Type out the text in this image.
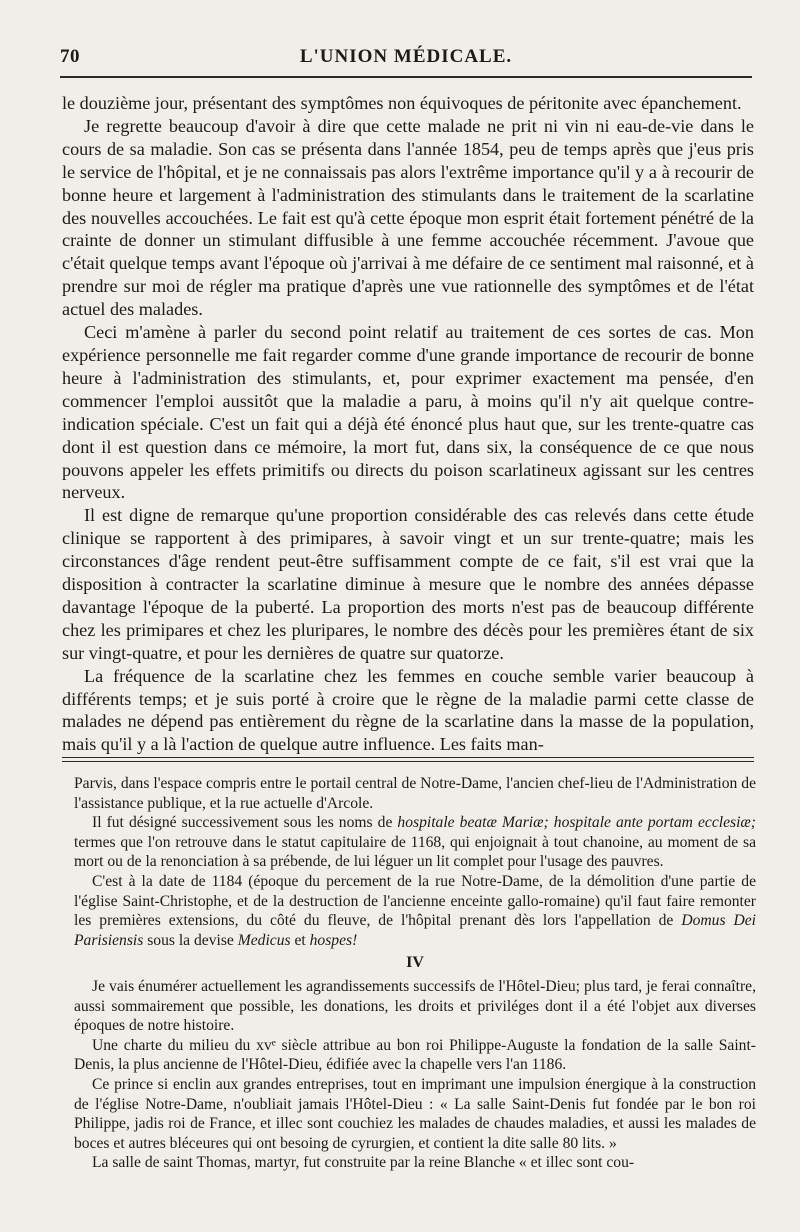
70	L'UNION MÉDICALE.

le douzième jour, présentant des symptômes non équivoques de péritonite avec épanchement.

Je regrette beaucoup d'avoir à dire que cette malade ne prit ni vin ni eau-de-vie dans le cours de sa maladie. Son cas se présenta dans l'année 1854, peu de temps après que j'eus pris le service de l'hôpital, et je ne connaissais pas alors l'extrême importance qu'il y a à recourir de bonne heure et largement à l'administration des stimulants dans le traitement de la scarlatine des nouvelles accouchées. Le fait est qu'à cette époque mon esprit était fortement pénétré de la crainte de donner un stimulant diffusible à une femme accouchée récemment. J'avoue que c'était quelque temps avant l'époque où j'arrivai à me défaire de ce sentiment mal raisonné, et à prendre sur moi de régler ma pratique d'après une vue rationnelle des symptômes et de l'état actuel des malades.

Ceci m'amène à parler du second point relatif au traitement de ces sortes de cas. Mon expérience personnelle me fait regarder comme d'une grande importance de recourir de bonne heure à l'administration des stimulants, et, pour exprimer exactement ma pensée, d'en commencer l'emploi aussitôt que la maladie a paru, à moins qu'il n'y ait quelque contre-indication spéciale. C'est un fait qui a déjà été énoncé plus haut que, sur les trente-quatre cas dont il est question dans ce mémoire, la mort fut, dans six, la conséquence de ce que nous pouvons appeler les effets primitifs ou directs du poison scarlatineux agissant sur les centres nerveux.

Il est digne de remarque qu'une proportion considérable des cas relevés dans cette étude clinique se rapportent à des primipares, à savoir vingt et un sur trente-quatre; mais les circonstances d'âge rendent peut-être suffisamment compte de ce fait, s'il est vrai que la disposition à contracter la scarlatine diminue à mesure que le nombre des années dépasse davantage l'époque de la puberté. La proportion des morts n'est pas de beaucoup différente chez les primipares et chez les pluripares, le nombre des décès pour les premières étant de six sur vingt-quatre, et pour les dernières de quatre sur quatorze.

La fréquence de la scarlatine chez les femmes en couche semble varier beaucoup à différents temps; et je suis porté à croire que le règne de la maladie parmi cette classe de malades ne dépend pas entièrement du règne de la scarlatine dans la masse de la population, mais qu'il y a là l'action de quelque autre influence. Les faits man-

Parvis, dans l'espace compris entre le portail central de Notre-Dame, l'ancien chef-lieu de l'Administration de l'assistance publique, et la rue actuelle d'Arcole.

Il fut désigné successivement sous les noms de hospitale beatæ Mariæ; hospitale ante portam ecclesiæ; termes que l'on retrouve dans le statut capitulaire de 1168, qui enjoignait à tout chanoine, au moment de sa mort ou de la renonciation à sa prébende, de lui léguer un lit complet pour l'usage des pauvres.

C'est à la date de 1184 (époque du percement de la rue Notre-Dame, de la démolition d'une partie de l'église Saint-Christophe, et de la destruction de l'ancienne enceinte gallo-romaine) qu'il faut faire remonter les premières extensions, du côté du fleuve, de l'hôpital prenant dès lors l'appellation de Domus Dei Parisiensis sous la devise Medicus et hospes!

IV

Je vais énumérer actuellement les agrandissements successifs de l'Hôtel-Dieu; plus tard, je ferai connaître, aussi sommairement que possible, les donations, les droits et priviléges dont il a été l'objet aux diverses époques de notre histoire.

Une charte du milieu du xvᵉ siècle attribue au bon roi Philippe-Auguste la fondation de la salle Saint-Denis, la plus ancienne de l'Hôtel-Dieu, édifiée avec la chapelle vers l'an 1186.

Ce prince si enclin aux grandes entreprises, tout en imprimant une impulsion énergique à la construction de l'église Notre-Dame, n'oubliait jamais l'Hôtel-Dieu : « La salle Saint-Denis fut fondée par le bon roi Philippe, jadis roi de France, et illec sont couchiez les malades de chaudes maladies, et aussi les malades de boces et autres bléceures qui ont besoing de cyrurgien, et contient la dite salle 80 lits. »

La salle de saint Thomas, martyr, fut construite par la reine Blanche « et illec sont cou-
